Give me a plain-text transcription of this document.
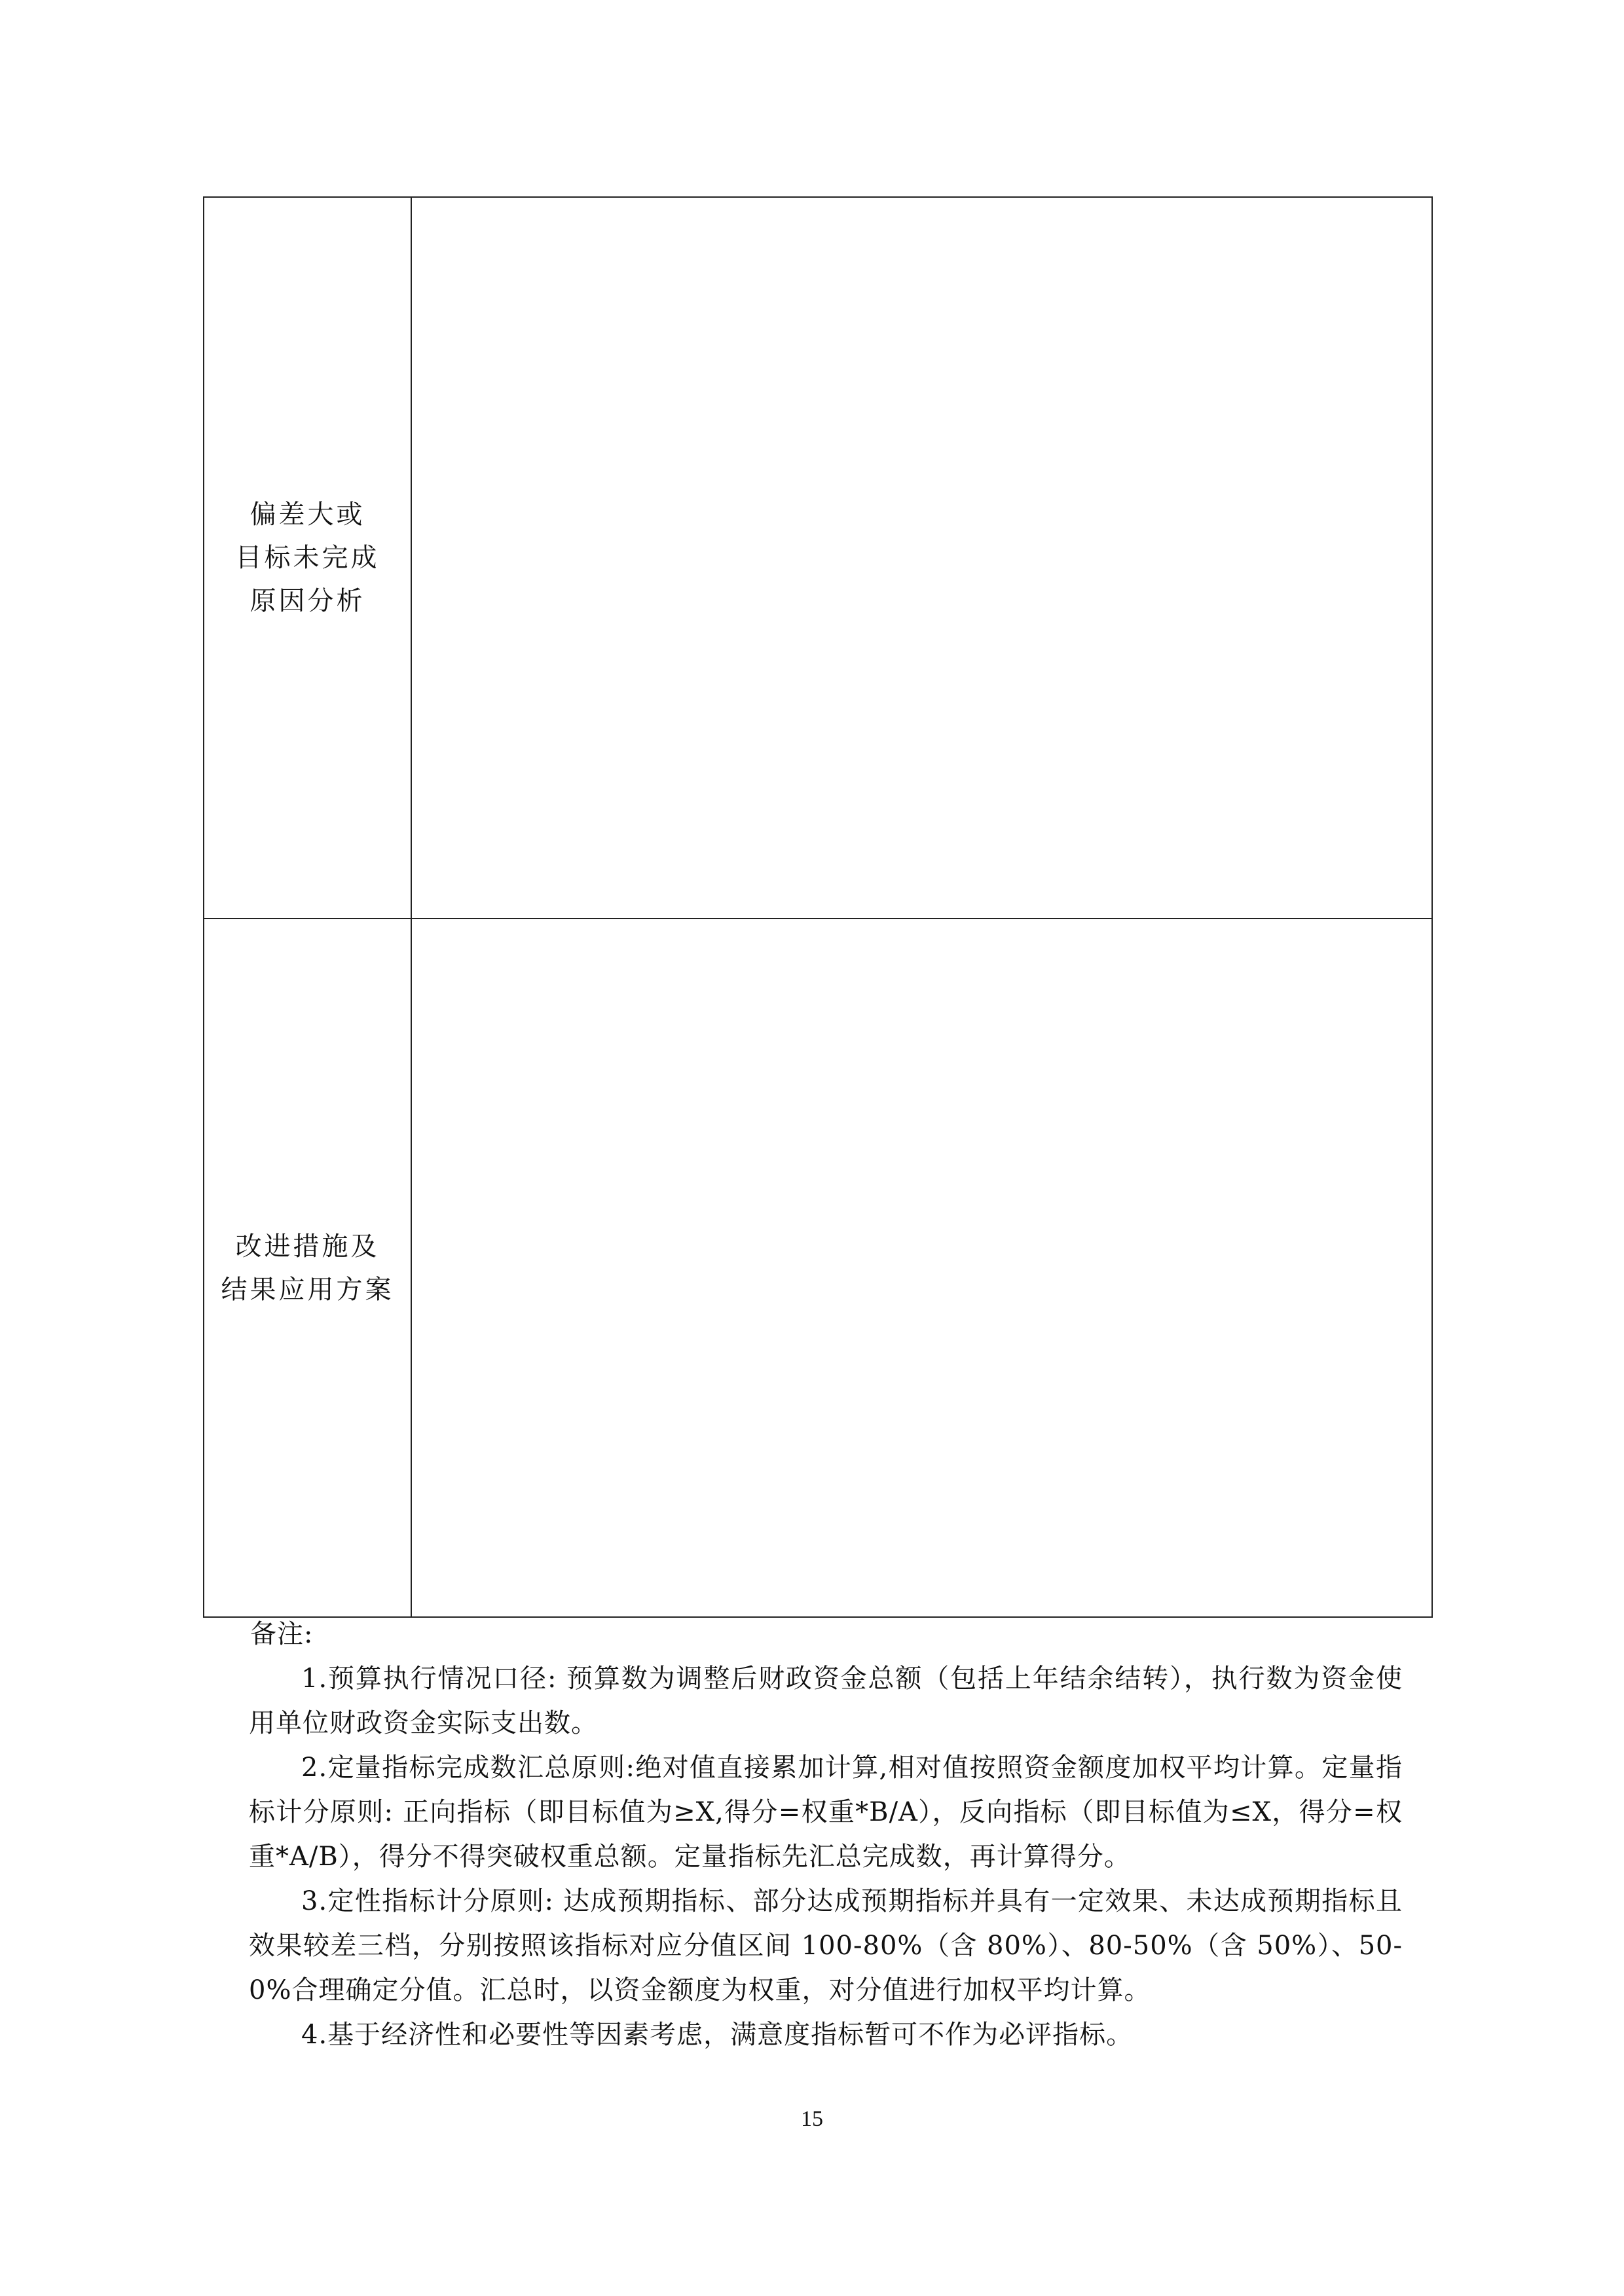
偏差大或
目标未完成
原因分析	

改进措施及
结果应用方案	

备注:

1.预算执行情况口径: 预算数为调整后财政资金总额（包括上年结余结转），执行数为资金使用单位财政资金实际支出数。

2.定量指标完成数汇总原则:绝对值直接累加计算,相对值按照资金额度加权平均计算。定量指标计分原则: 正向指标（即目标值为≥X,得分=权重*B/A），反向指标（即目标值为≤X，得分=权重*A/B），得分不得突破权重总额。定量指标先汇总完成数，再计算得分。

3.定性指标计分原则: 达成预期指标、部分达成预期指标并具有一定效果、未达成预期指标且效果较差三档，分别按照该指标对应分值区间 100-80%（含 80%）、80-50%（含 50%）、50-0%合理确定分值。汇总时，以资金额度为权重，对分值进行加权平均计算。

4.基于经济性和必要性等因素考虑，满意度指标暂可不作为必评指标。

15
